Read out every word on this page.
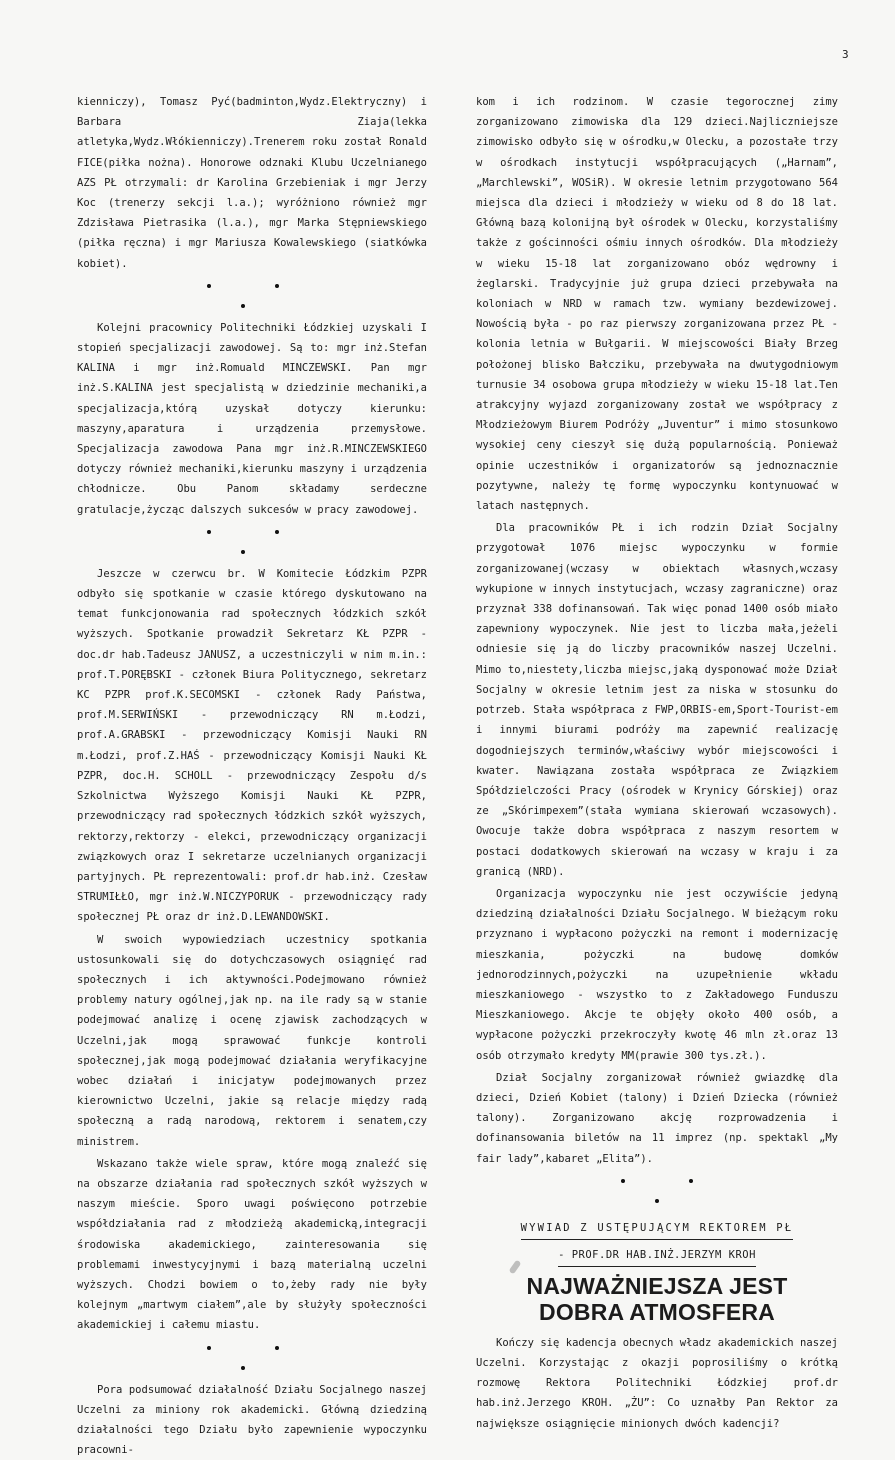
3

kienniczy), Tomasz Pyć(badminton,Wydz.Elektryczny) i Barbara Ziaja(lekka atletyka,Wydz.Włókienniczy).Trenerem roku został Ronald FICE(piłka nożna). Honorowe odznaki Klubu Uczelnianego AZS PŁ otrzymali: dr Karolina Grzebieniak i mgr Jerzy Koc (trenerzy sekcji l.a.); wyróżniono również mgr Zdzisława Pietrasika (l.a.), mgr Marka Stępniewskiego (piłka ręczna) i mgr Mariusza Kowalewskiego (siatkówka kobiet).

Kolejni pracownicy Politechniki Łódzkiej uzyskali I stopień specjalizacji zawodowej. Są to: mgr inż.Stefan KALINA i mgr inż.Romuald MINCZEWSKI. Pan mgr inż.S.KALINA jest specjalistą w dziedzinie mechaniki,a specjalizacja,którą uzyskał dotyczy kierunku: maszyny,aparatura i urządzenia przemysłowe. Specjalizacja zawodowa Pana mgr inż.R.MINCZEWSKIEGO dotyczy również mechaniki,kierunku maszyny i urządzenia chłodnicze. Obu Panom składamy serdeczne gratulacje,życząc dalszych sukcesów w pracy zawodowej.

Jeszcze w czerwcu br. W Komitecie Łódzkim PZPR odbyło się spotkanie w czasie którego dyskutowano na temat funkcjonowania rad społecznych łódzkich szkół wyższych. Spotkanie prowadził Sekretarz KŁ PZPR - doc.dr hab.Tadeusz JANUSZ, a uczestniczyli w nim m.in.: prof.T.PORĘBSKI - członek Biura Politycznego, sekretarz KC PZPR prof.K.SECOMSKI - członek Rady Państwa, prof.M.SERWIŃSKI - przewodniczący RN m.Łodzi, prof.A.GRABSKI - przewodniczący Komisji Nauki RN m.Łodzi, prof.Z.HAŚ - przewodniczący Komisji Nauki KŁ PZPR, doc.H. SCHOLL - przewodniczący Zespołu d/s Szkolnictwa Wyższego Komisji Nauki KŁ PZPR, przewodniczący rad społecznych łódzkich szkół wyższych, rektorzy,rektorzy - elekci, przewodniczący organizacji związkowych oraz I sekretarze uczelnianych organizacji partyjnych. PŁ reprezentowali: prof.dr hab.inż. Czesław STRUMIŁŁO, mgr inż.W.NICZYPORUK - przewodniczący rady społecznej PŁ oraz dr inż.D.LEWANDOWSKI.

W swoich wypowiedziach uczestnicy spotkania ustosunkowali się do dotychczasowych osiągnięć rad społecznych i ich aktywności.Podejmowano również problemy natury ogólnej,jak np. na ile rady są w stanie podejmować analizę i ocenę zjawisk zachodzących w Uczelni,jak mogą sprawować funkcje kontroli społecznej,jak mogą podejmować działania weryfikacyjne wobec działań i inicjatyw podejmowanych przez kierownictwo Uczelni, jakie są relacje między radą społeczną a radą narodową, rektorem i senatem,czy ministrem.

Wskazano także wiele spraw, które mogą znaleźć się na obszarze działania rad społecznych szkół wyższych w naszym mieście. Sporo uwagi poświęcono potrzebie współdziałania rad z młodzieżą akademicką,integracji środowiska akademickiego, zainteresowania się problemami inwestycyjnymi i bazą materialną uczelni wyższych. Chodzi bowiem o to,żeby rady nie były kolejnym „martwym ciałem”,ale by służyły społeczności akademickiej i całemu miastu.

Pora podsumować działalność Działu Socjalnego naszej Uczelni za miniony rok akademicki. Główną dziedziną działalności tego Działu było zapewnienie wypoczynku pracowni-

kom i ich rodzinom. W czasie tegorocznej zimy zorganizowano zimowiska dla 129 dzieci.Najliczniejsze zimowisko odbyło się w ośrodku,w Olecku, a pozostałe trzy w ośrodkach instytucji współpracujących („Harnam”, „Marchlewski”, WOSiR). W okresie letnim przygotowano 564 miejsca dla dzieci i młodzieży w wieku od 8 do 18 lat. Główną bazą kolonijną był ośrodek w Olecku, korzystaliśmy także z gościnności ośmiu innych ośrodków. Dla młodzieży w wieku 15-18 lat zorganizowano obóz wędrowny i żeglarski. Tradycyjnie już grupa dzieci przebywała na koloniach w NRD w ramach tzw. wymiany bezdewizowej. Nowością była - po raz pierwszy zorganizowana przez PŁ - kolonia letnia w Bułgarii. W miejscowości Biały Brzeg położonej blisko Bałcziku, przebywała na dwutygodniowym turnusie 34 osobowa grupa młodzieży w wieku 15-18 lat.Ten atrakcyjny wyjazd zorganizowany został we współpracy z Młodzieżowym Biurem Podróży „Juventur” i mimo stosunkowo wysokiej ceny cieszył się dużą popularnością. Ponieważ opinie uczestników i organizatorów są jednoznacznie pozytywne, należy tę formę wypoczynku kontynuować w latach następnych.

Dla pracowników PŁ i ich rodzin Dział Socjalny przygotował 1076 miejsc wypoczynku w formie zorganizowanej(wczasy w obiektach własnych,wczasy wykupione w innych instytucjach, wczasy zagraniczne) oraz przyznał 338 dofinansowań. Tak więc ponad 1400 osób miało zapewniony wypoczynek. Nie jest to liczba mała,jeżeli odniesie się ją do liczby pracowników naszej Uczelni. Mimo to,niestety,liczba miejsc,jaką dysponować może Dział Socjalny w okresie letnim jest za niska w stosunku do potrzeb. Stała współpraca z FWP,ORBIS-em,Sport-Tourist-em i innymi biurami podróży ma zapewnić realizację dogodniejszych terminów,właściwy wybór miejscowości i kwater. Nawiązana została współpraca ze Związkiem Spółdzielczości Pracy (ośrodek w Krynicy Górskiej) oraz ze „Skórimpexem”(stała wymiana skierowań wczasowych). Owocuje także dobra współpraca z naszym resortem w postaci dodatkowych skierowań na wczasy w kraju i za granicą (NRD).

Organizacja wypoczynku nie jest oczywiście jedyną dziedziną działalności Działu Socjalnego. W bieżącym roku przyznano i wypłacono pożyczki na remont i modernizację mieszkania, pożyczki na budowę domków jednorodzinnych,pożyczki na uzupełnienie wkładu mieszkaniowego - wszystko to z Zakładowego Funduszu Mieszkaniowego. Akcje te objęły około 400 osób, a wypłacone pożyczki przekroczyły kwotę 46 mln zł.oraz 13 osób otrzymało kredyty MM(prawie 300 tys.zł.).

Dział Socjalny zorganizował również gwiazdkę dla dzieci, Dzień Kobiet (talony) i Dzień Dziecka (również talony). Zorganizowano akcję rozprowadzenia i dofinansowania biletów na 11 imprez (np. spektakl „My fair lady”,kabaret „Elita”).

WYWIAD Z USTĘPUJĄCYM REKTOREM PŁ
- PROF.DR HAB.INŻ.JERZYM KROH
NAJWAŻNIEJSZA JEST
DOBRA ATMOSFERA

Kończy się kadencja obecnych władz akademickich naszej Uczelni. Korzystając z okazji poprosiliśmy o krótką rozmowę Rektora Politechniki Łódzkiej prof.dr hab.inż.Jerzego KROH. „ŻU”: Co uznałby Pan Rektor za największe osiągnięcie minionych dwóch kadencji?
